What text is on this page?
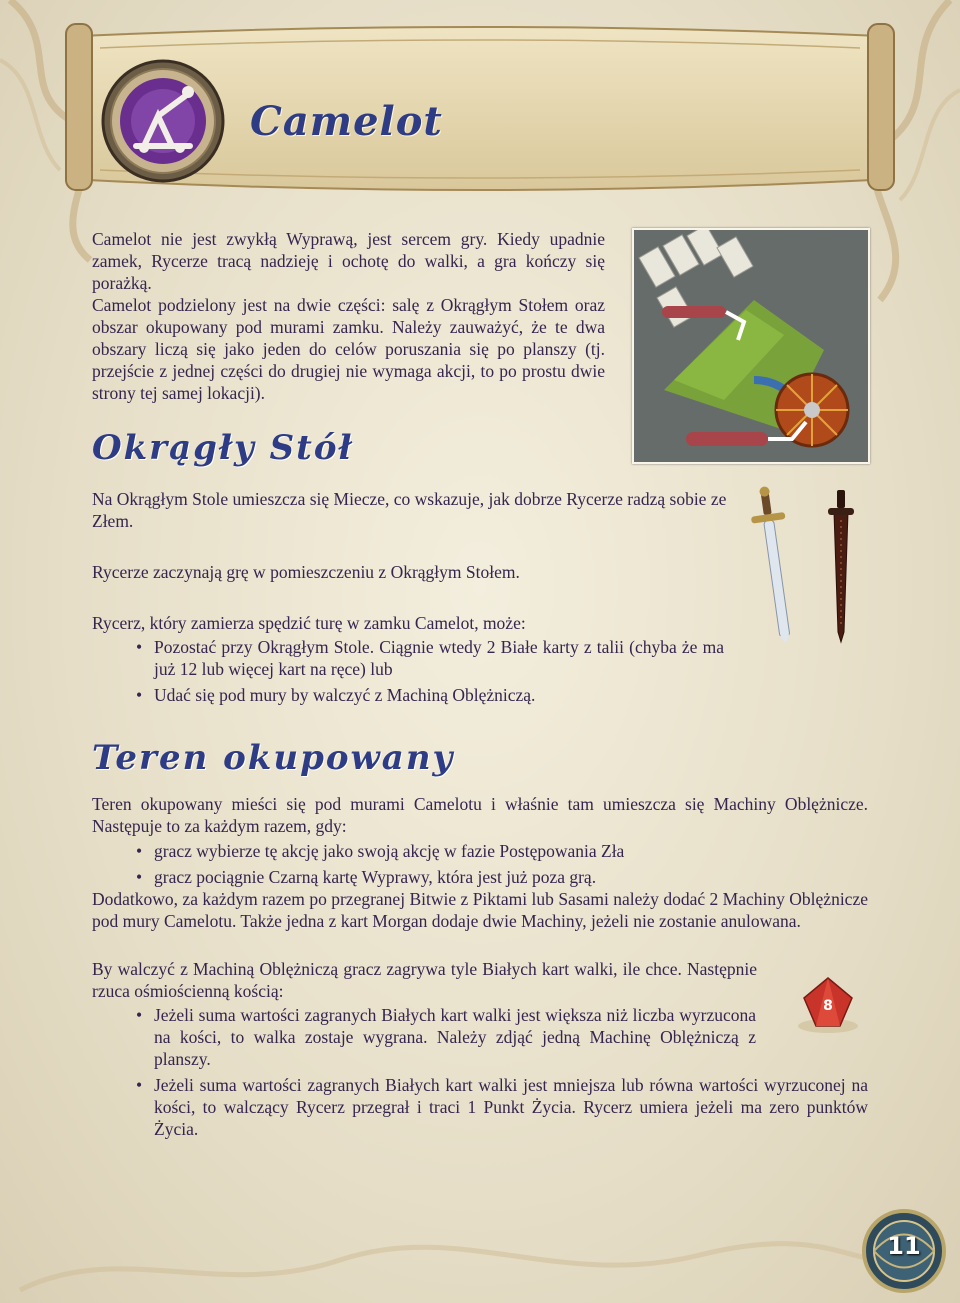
Camelot

Camelot nie jest zwykłą Wyprawą, jest sercem gry. Kiedy upadnie zamek, Rycerze tracą nadzieję i ochotę do walki, a gra kończy się porażką.

Camelot podzielony jest na dwie części: salę z Okrągłym Stołem oraz obszar okupowany pod murami zamku. Należy zauważyć, że te dwa obszary liczą się jako jeden do celów poruszania się po planszy (tj. przejście z jednej części do drugiej nie wymaga akcji, to po prostu dwie strony tej samej lokacji).

Okrągły Stół

Na Okrągłym Stole umieszcza się Miecze, co wskazuje, jak dobrze Rycerze radzą sobie ze Złem.

Rycerze zaczynają grę w pomieszczeniu z Okrągłym Stołem.

Rycerz, który zamierza spędzić turę w zamku Camelot, może:

• Pozostać przy Okrągłym Stole. Ciągnie wtedy 2 Białe karty z talii (chyba że ma już 12 lub więcej kart na ręce) lub
• Udać się pod mury by walczyć z Machiną Oblężniczą.
Teren okupowany

Teren okupowany mieści się pod murami Camelotu i właśnie tam umieszcza się Machiny Oblężnicze. Następuje to za każdym razem, gdy:

• gracz wybierze tę akcję jako swoją akcję w fazie Postępowania Zła
• gracz pociągnie Czarną kartę Wyprawy, która jest już poza grą.

Dodatkowo, za każdym razem po przegranej Bitwie z Piktami lub Sasami należy dodać 2 Machiny Oblężnicze pod mury Camelotu. Także jedna z kart Morgan dodaje dwie Machiny, jeżeli nie zostanie anulowana.

By walczyć z Machiną Oblężniczą gracz zagrywa tyle Białych kart walki, ile chce. Następnie rzuca ośmiościenną kością:

• Jeżeli suma wartości zagranych Białych kart walki jest większa niż liczba wyrzucona na kości, to walka zostaje wygrana. Należy zdjąć jedną Machinę Oblężniczą z planszy.
• Jeżeli suma wartości zagranych Białych kart walki jest mniejsza lub równa wartości wyrzuconej na kości, to walczący Rycerz przegrał i traci 1 Punkt Życia. Rycerz umiera jeżeli ma zero punktów Życia.
8
11
